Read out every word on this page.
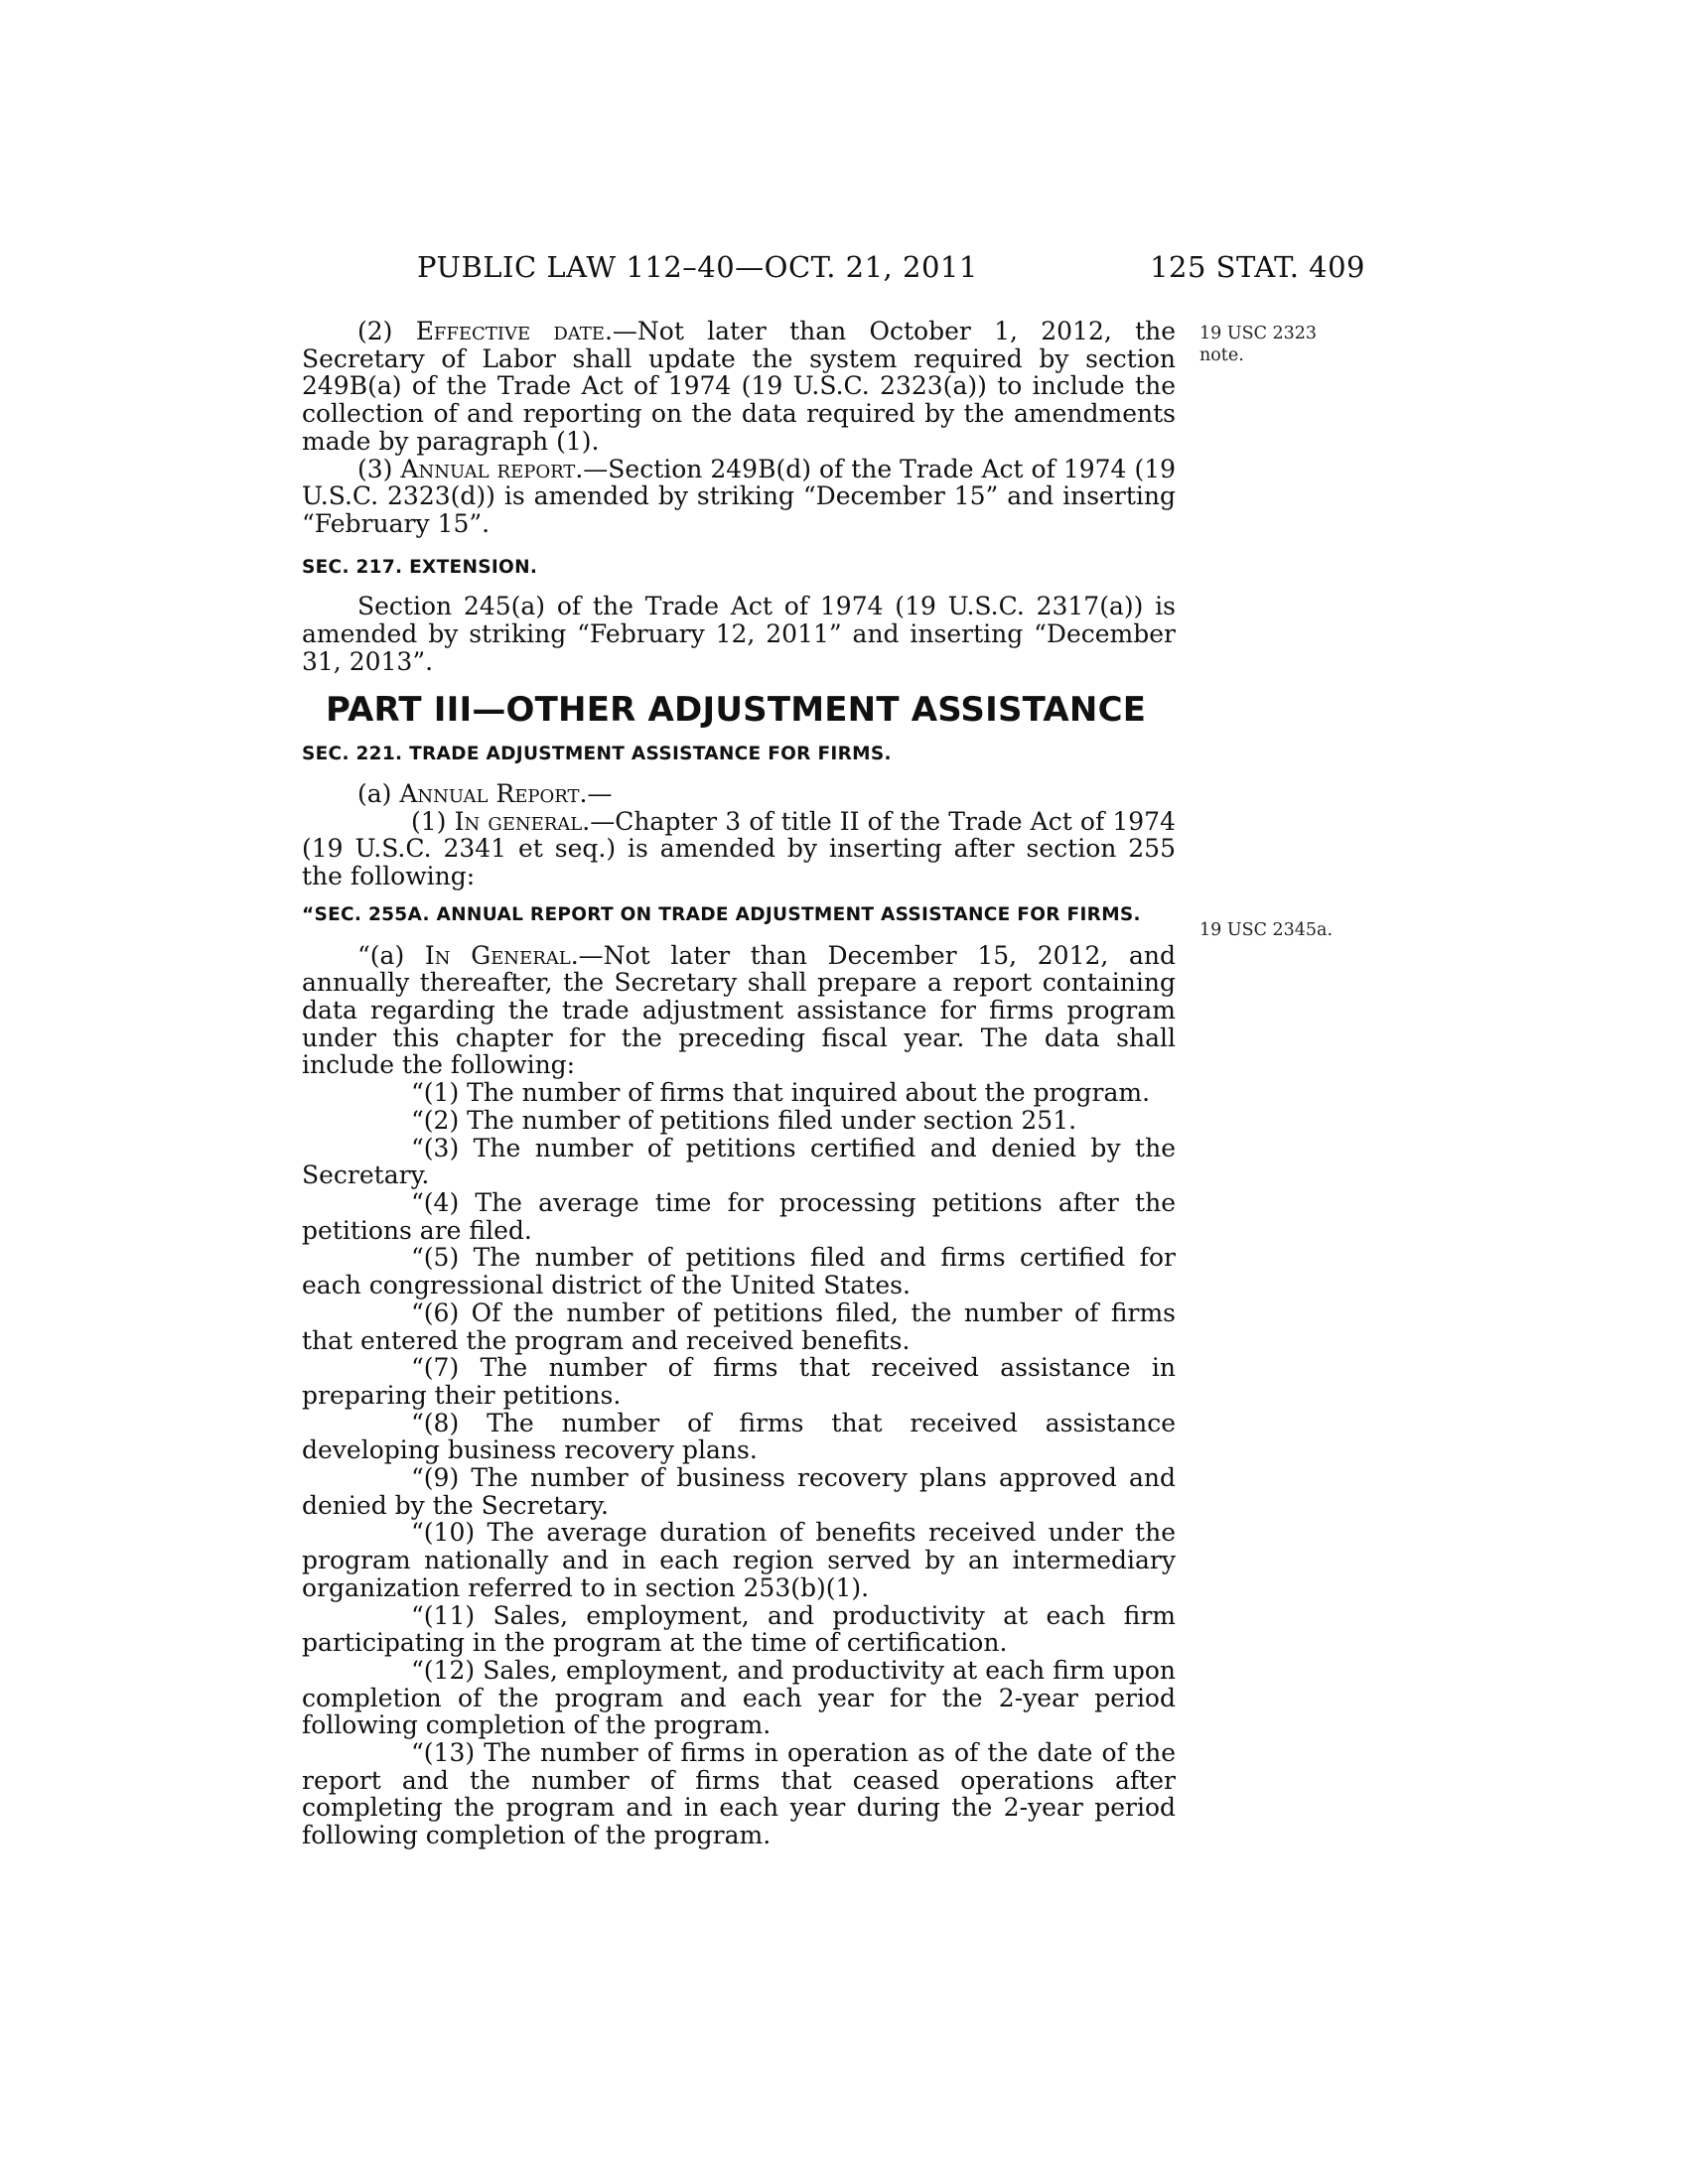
PUBLIC LAW 112–40—OCT. 21, 2011	125 STAT. 409
19 USC 2323
note.
19 USC 2345a.

(2) Effective date.—Not later than October 1, 2012, the Secretary of Labor shall update the system required by section 249B(a) of the Trade Act of 1974 (19 U.S.C. 2323(a)) to include the collection of and reporting on the data required by the amendments made by paragraph (1).

(3) Annual report.—Section 249B(d) of the Trade Act of 1974 (19 U.S.C. 2323(d)) is amended by striking “December 15” and inserting “February 15”.

SEC. 217. EXTENSION.

Section 245(a) of the Trade Act of 1974 (19 U.S.C. 2317(a)) is amended by striking “February 12, 2011” and inserting “December 31, 2013”.

PART III—OTHER ADJUSTMENT ASSISTANCE

SEC. 221. TRADE ADJUSTMENT ASSISTANCE FOR FIRMS.

(a) Annual Report.—

(1) In general.—Chapter 3 of title II of the Trade Act of 1974 (19 U.S.C. 2341 et seq.) is amended by inserting after section 255 the following:

“SEC. 255A. ANNUAL REPORT ON TRADE ADJUSTMENT ASSISTANCE FOR FIRMS.

“(a) In General.—Not later than December 15, 2012, and annually thereafter, the Secretary shall prepare a report containing data regarding the trade adjustment assistance for firms program under this chapter for the preceding fiscal year. The data shall include the following:

“(1) The number of firms that inquired about the program.

“(2) The number of petitions filed under section 251.

“(3) The number of petitions certified and denied by the Secretary.

“(4) The average time for processing petitions after the petitions are filed.

“(5) The number of petitions filed and firms certified for each congressional district of the United States.

“(6) Of the number of petitions filed, the number of firms that entered the program and received benefits.

“(7) The number of firms that received assistance in preparing their petitions.

“(8) The number of firms that received assistance developing business recovery plans.

“(9) The number of business recovery plans approved and denied by the Secretary.

“(10) The average duration of benefits received under the program nationally and in each region served by an intermediary organization referred to in section 253(b)(1).

“(11) Sales, employment, and productivity at each firm participating in the program at the time of certification.

“(12) Sales, employment, and productivity at each firm upon completion of the program and each year for the 2-year period following completion of the program.

“(13) The number of firms in operation as of the date of the report and the number of firms that ceased operations after completing the program and in each year during the 2-year period following completion of the program.
